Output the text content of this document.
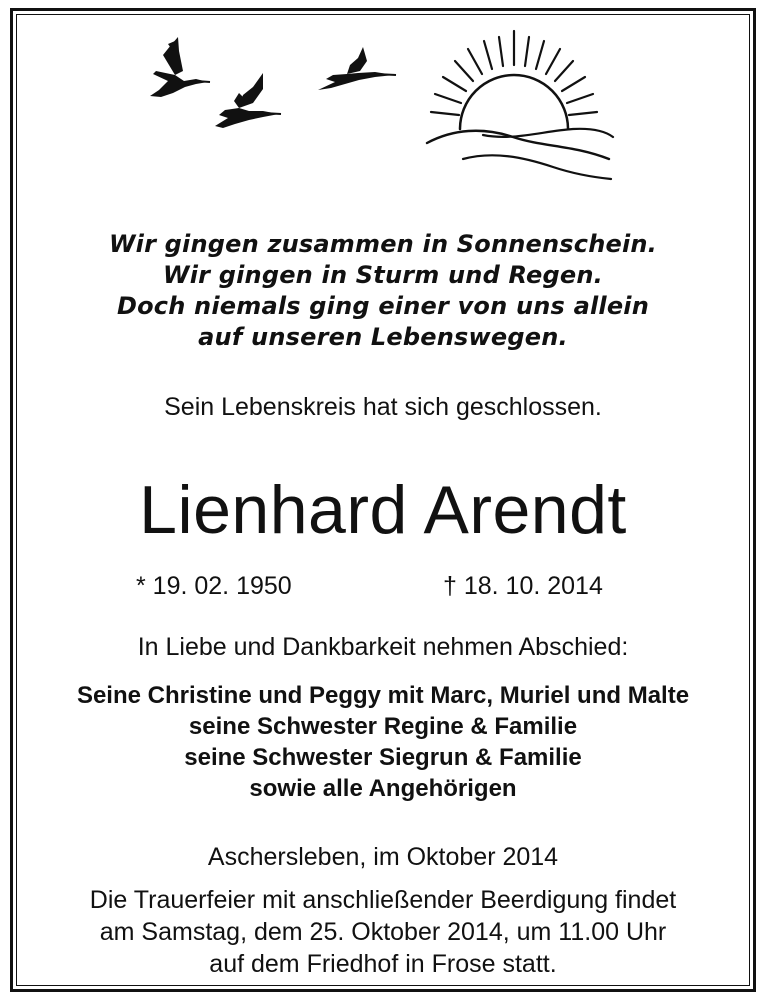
Wir gingen zusammen in Sonnenschein.
Wir gingen in Sturm und Regen.
Doch niemals ging einer von uns allein
auf unseren Lebenswegen.
Sein Lebenskreis hat sich geschlossen.
Lienhard Arendt
* 19. 02. 1950	† 18. 10. 2014
In Liebe und Dankbarkeit nehmen Abschied:
Seine Christine und Peggy mit Marc, Muriel und Malte
seine Schwester Regine & Familie
seine Schwester Siegrun & Familie
sowie alle Angehörigen
Aschersleben, im Oktober 2014
Die Trauerfeier mit anschließender Beerdigung findet
am Samstag, dem 25. Oktober 2014, um 11.00 Uhr
auf dem Friedhof in Frose statt.
